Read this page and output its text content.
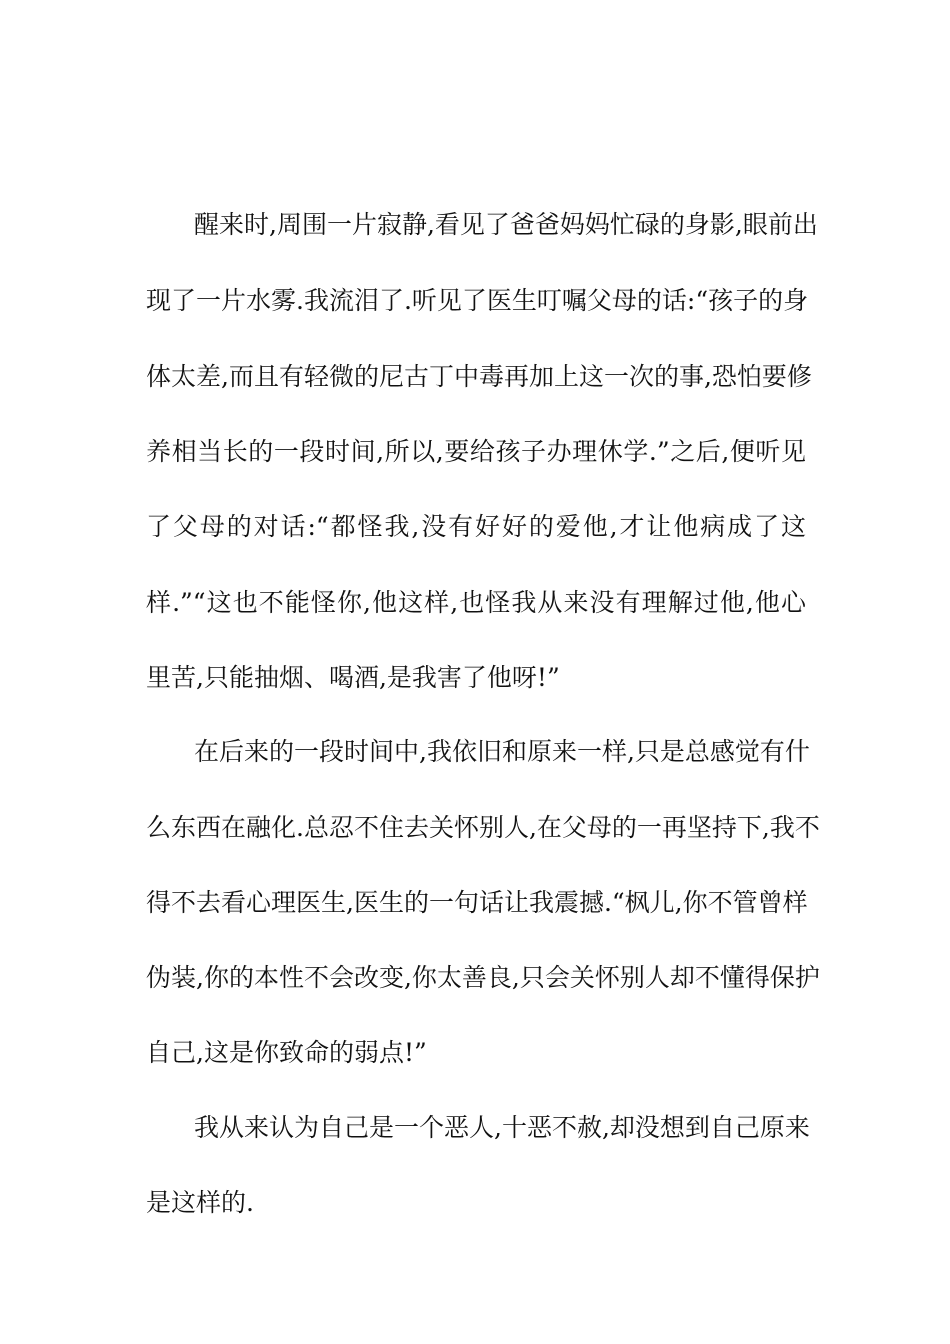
醒来时,周围一片寂静,看见了爸爸妈妈忙碌的身影,眼前出
现了一片水雾.我流泪了.听见了医生叮嘱父母的话:“孩子的身
体太差,而且有轻微的尼古丁中毒再加上这一次的事,恐怕要修
养相当长的一段时间,所以,要给孩子办理休学.”之后,便听见
了父母的对话:“都怪我,没有好好的爱他,才让他病成了这
样.”“这也不能怪你,他这样,也怪我从来没有理解过他,他心
里苦,只能抽烟、喝酒,是我害了他呀!”
在后来的一段时间中,我依旧和原来一样,只是总感觉有什
么东西在融化.总忍不住去关怀别人,在父母的一再坚持下,我不
得不去看心理医生,医生的一句话让我震撼.“枫儿,你不管曾样
伪装,你的本性不会改变,你太善良,只会关怀别人却不懂得保护
自己,这是你致命的弱点!”
我从来认为自己是一个恶人,十恶不赦,却没想到自己原来
是这样的.
